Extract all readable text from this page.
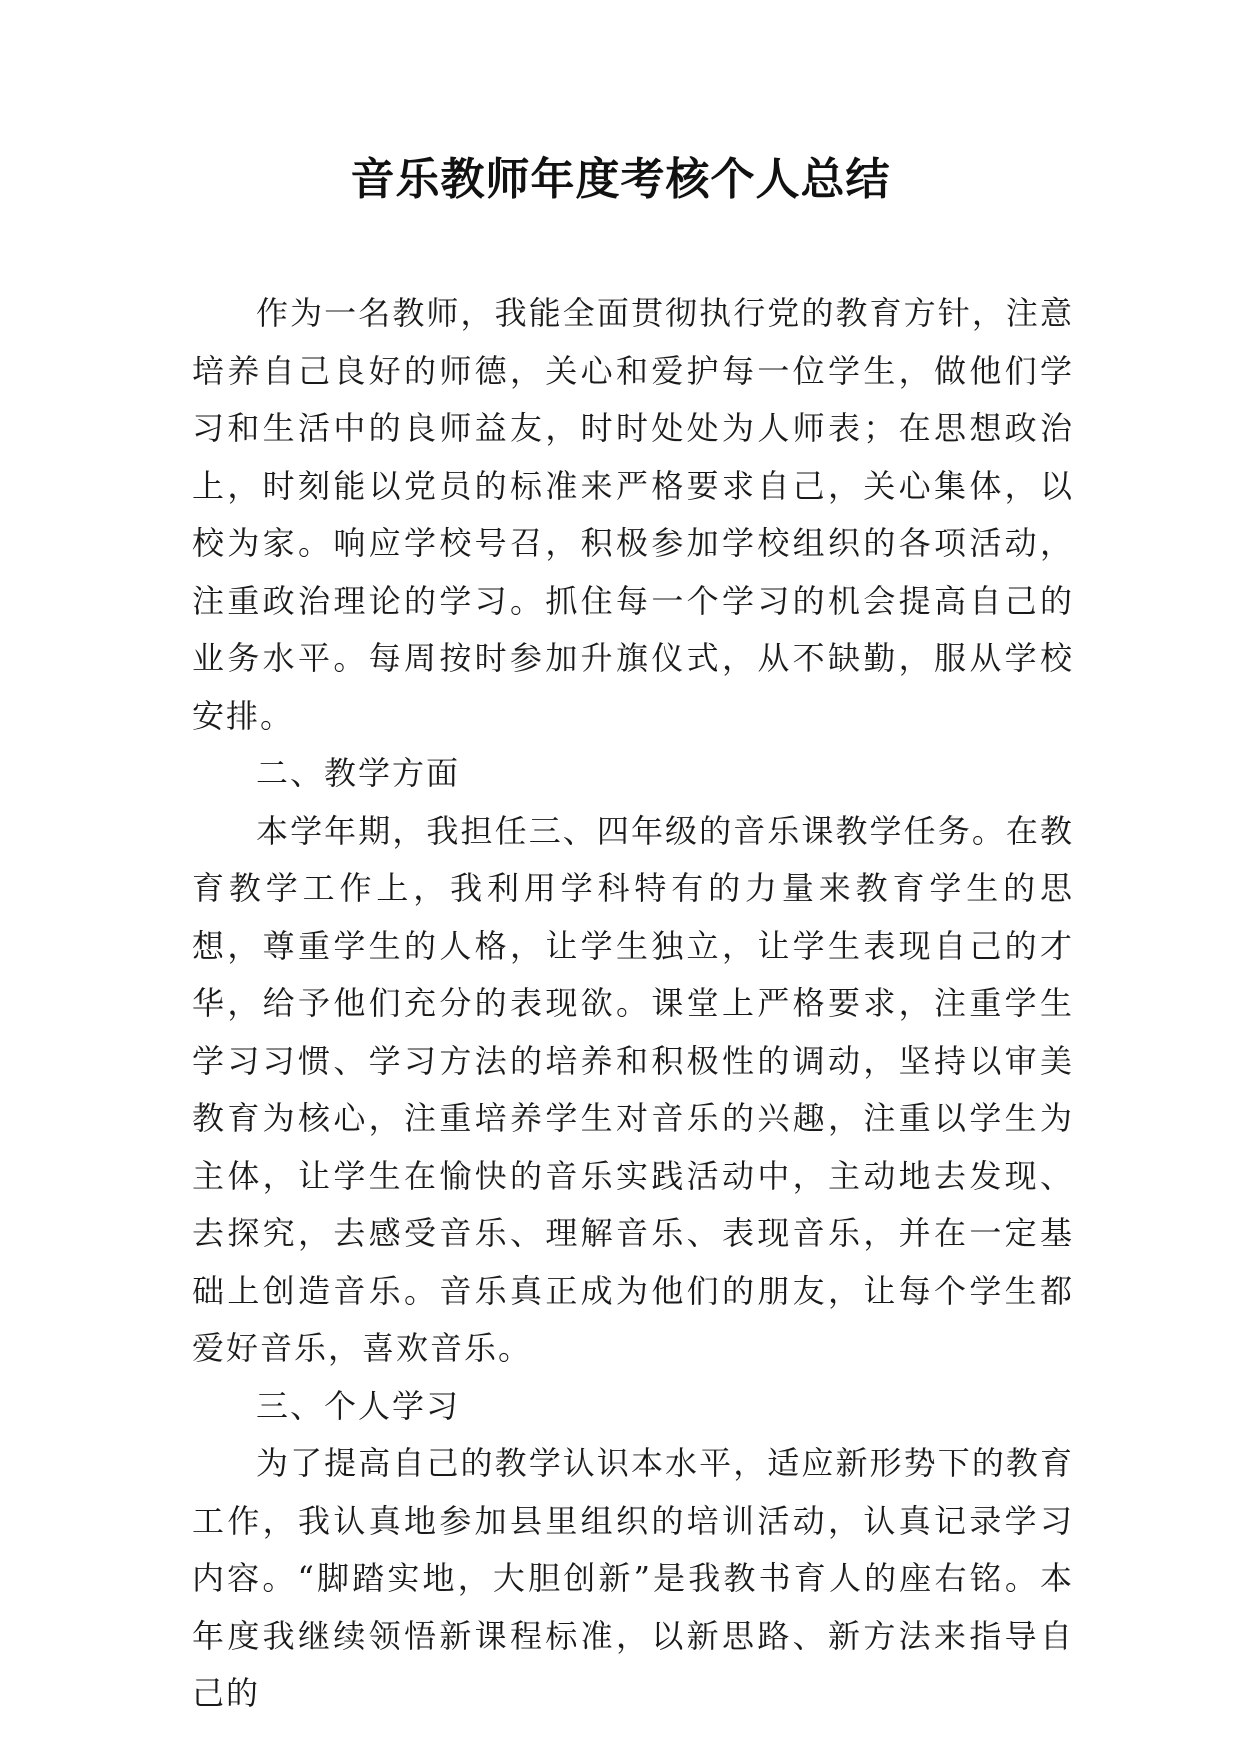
音乐教师年度考核个人总结

作为一名教师，我能全面贯彻执行党的教育方针，注意培养自己良好的师德，关心和爱护每一位学生，做他们学习和生活中的良师益友，时时处处为人师表；在思想政治上，时刻能以党员的标准来严格要求自己，关心集体，以校为家。响应学校号召，积极参加学校组织的各项活动，注重政治理论的学习。抓住每一个学习的机会提高自己的业务水平。每周按时参加升旗仪式，从不缺勤，服从学校安排。

二、教学方面

本学年期，我担任三、四年级的音乐课教学任务。在教育教学工作上，我利用学科特有的力量来教育学生的思想，尊重学生的人格，让学生独立，让学生表现自己的才华，给予他们充分的表现欲。课堂上严格要求，注重学生学习习惯、学习方法的培养和积极性的调动，坚持以审美教育为核心，注重培养学生对音乐的兴趣，注重以学生为主体，让学生在愉快的音乐实践活动中，主动地去发现、去探究，去感受音乐、理解音乐、表现音乐，并在一定基础上创造音乐。音乐真正成为他们的朋友，让每个学生都爱好音乐，喜欢音乐。

三、个人学习

为了提高自己的教学认识本水平，适应新形势下的教育工作，我认真地参加县里组织的培训活动，认真记录学习内容。“脚踏实地，大胆创新”是我教书育人的座右铭。本年度我继续领悟新课程标准，以新思路、新方法来指导自己的
